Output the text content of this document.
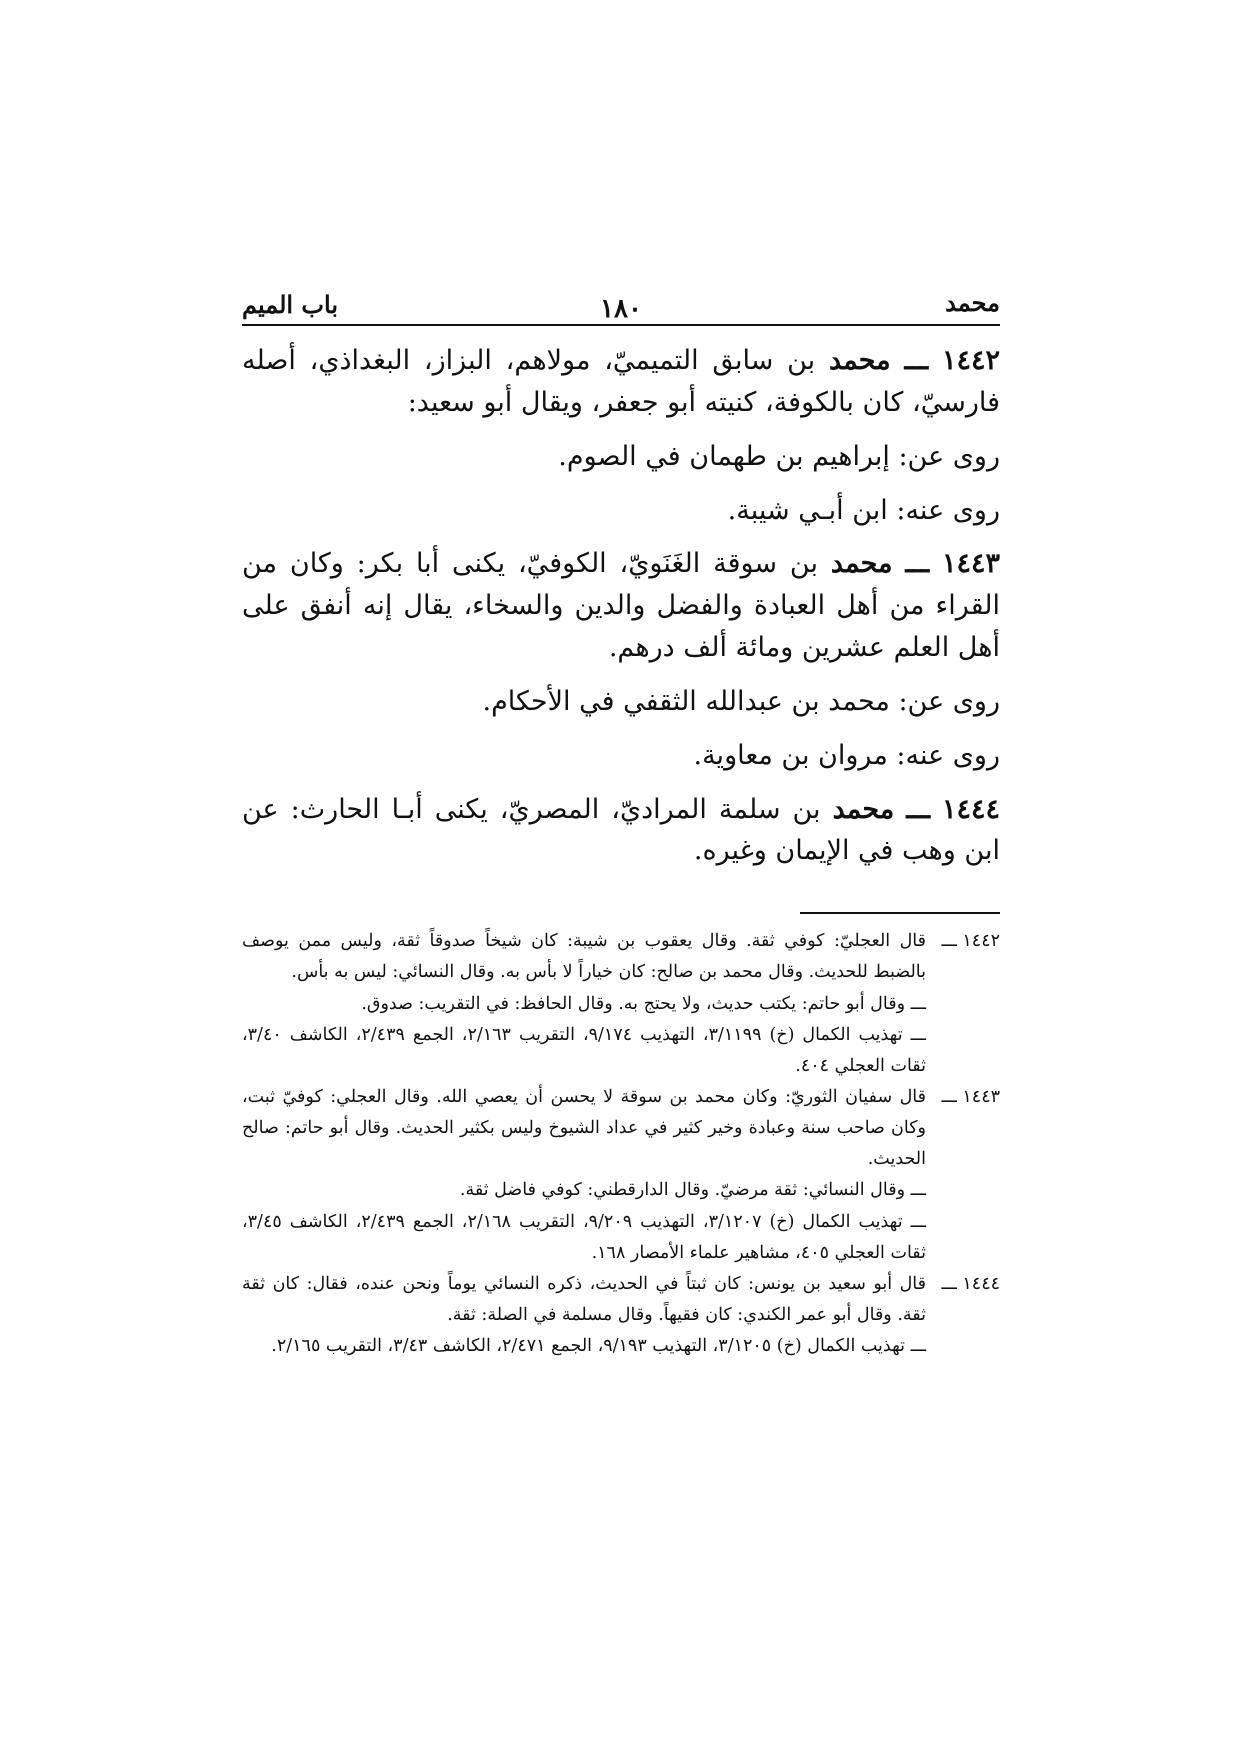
محمد
١٨٠
باب الميم

١٤٤٢ ـــ محمد بن سابق التميميّ، مولاهم، البزاز، البغداذي، أصله فارسيّ، كان بالكوفة، كنيته أبو جعفر، ويقال أبو سعيد:

روى عن: إبراهيم بن طهمان في الصوم.

روى عنه: ابن أبـي شيبة.

١٤٤٣ ـــ محمد بن سوقة الغَنَويّ، الكوفيّ، يكنى أبا بكر: وكان من القراء من أهل العبادة والفضل والدين والسخاء، يقال إنه أنفق على أهل العلم عشرين ومائة ألف درهم.

روى عن: محمد بن عبدالله الثقفي في الأحكام.

روى عنه: مروان بن معاوية.

١٤٤٤ ـــ محمد بن سلمة المراديّ، المصريّ، يكنى أبـا الحارث: عن ابن وهب في الإيمان وغيره.

١٤٤٢ ـــ

قال العجليّ: كوفي ثقة. وقال يعقوب بن شيبة: كان شيخاً صدوقاً ثقة، وليس ممن يوصف بالضبط للحديث. وقال محمد بن صالح: كان خياراً لا بأس به. وقال النسائي: ليس به بأس.

ـــ وقال أبو حاتم: يكتب حديث، ولا يحتج به. وقال الحافظ: في التقريب: صدوق.

ـــ تهذيب الكمال (خ) ٣/١١٩٩، التهذيب ٩/١٧٤، التقريب ٢/١٦٣، الجمع ٢/٤٣٩، الكاشف ٣/٤٠، ثقات العجلي ٤٠٤.

١٤٤٣ ـــ

قال سفيان الثوريّ: وكان محمد بن سوقة لا يحسن أن يعصي الله. وقال العجلي: كوفيّ ثبت، وكان صاحب سنة وعبادة وخير كثير في عداد الشيوخ وليس بكثير الحديث. وقال أبو حاتم: صالح الحديث.

ـــ وقال النسائي: ثقة مرضيّ. وقال الدارقطني: كوفي فاضل ثقة.

ـــ تهذيب الكمال (خ) ٣/١٢٠٧، التهذيب ٩/٢٠٩، التقريب ٢/١٦٨، الجمع ٢/٤٣٩، الكاشف ٣/٤٥، ثقات العجلي ٤٠٥، مشاهير علماء الأمصار ١٦٨.

١٤٤٤ ـــ

قال أبو سعيد بن يونس: كان ثبتاً في الحديث، ذكره النسائي يوماً ونحن عنده، فقال: كان ثقة ثقة. وقال أبو عمر الكندي: كان فقيهاً. وقال مسلمة في الصلة: ثقة.

ـــ تهذيب الكمال (خ) ٣/١٢٠٥، التهذيب ٩/١٩٣، الجمع ٢/٤٧١، الكاشف ٣/٤٣، التقريب ٢/١٦٥.
